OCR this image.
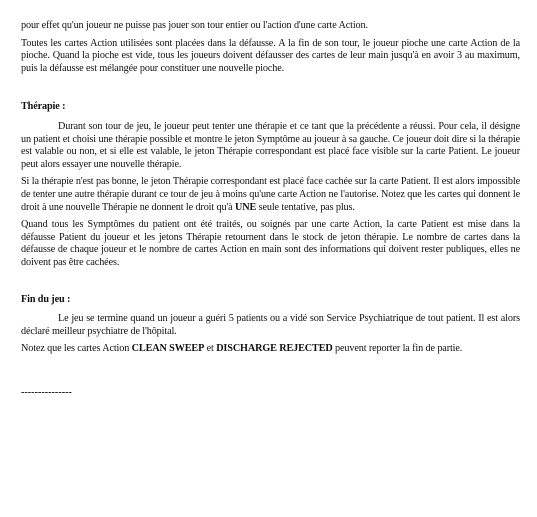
pour effet qu'un joueur ne puisse pas jouer son tour entier ou l'action d'une carte Action.

Toutes les cartes Action utilisées sont placées dans la défausse. A la fin de son tour, le joueur pioche une carte Action de la pioche. Quand la pioche est vide, tous les joueurs doivent défausser des cartes de leur main jusqu'à en avoir 3 au maximum, puis la défausse est mélangée pour constituer une nouvelle pioche.

Thérapie :

Durant son tour de jeu, le joueur peut tenter une thérapie et ce tant que la précédente a réussi. Pour cela, il désigne un patient et choisi une thérapie possible et montre le jeton Symptôme au joueur à sa gauche. Ce joueur doit dire si la thérapie est valable ou non, et si elle est valable, le jeton Thérapie correspondant est placé face visible sur la carte Patient. Le joueur peut alors essayer une nouvelle thérapie.

Si la thérapie n'est pas bonne, le jeton Thérapie correspondant est placé face cachée sur la carte Patient. Il est alors impossible de tenter une autre thérapie durant ce tour de jeu à moins qu'une carte Action ne l'autorise. Notez que les cartes qui donnent le droit à une nouvelle Thérapie ne donnent le droit qu'à UNE seule tentative, pas plus.

Quand tous les Symptômes du patient ont été traités, ou soignés par une carte Action, la carte Patient est mise dans la défausse Patient du joueur et les jetons Thérapie retournent dans le stock de jeton thérapie. Le nombre de cartes dans la défausse de chaque joueur et le nombre de cartes Action en main sont des informations qui doivent rester publiques, elles ne doivent pas être cachées.

Fin du jeu :

Le jeu se termine quand un joueur a guéri 5 patients ou a vidé son Service Psychiatrique de tout patient. Il est alors déclaré meilleur psychiatre de l'hôpital.

Notez que les cartes Action CLEAN SWEEP et DISCHARGE REJECTED peuvent reporter la fin de partie.

---------------
